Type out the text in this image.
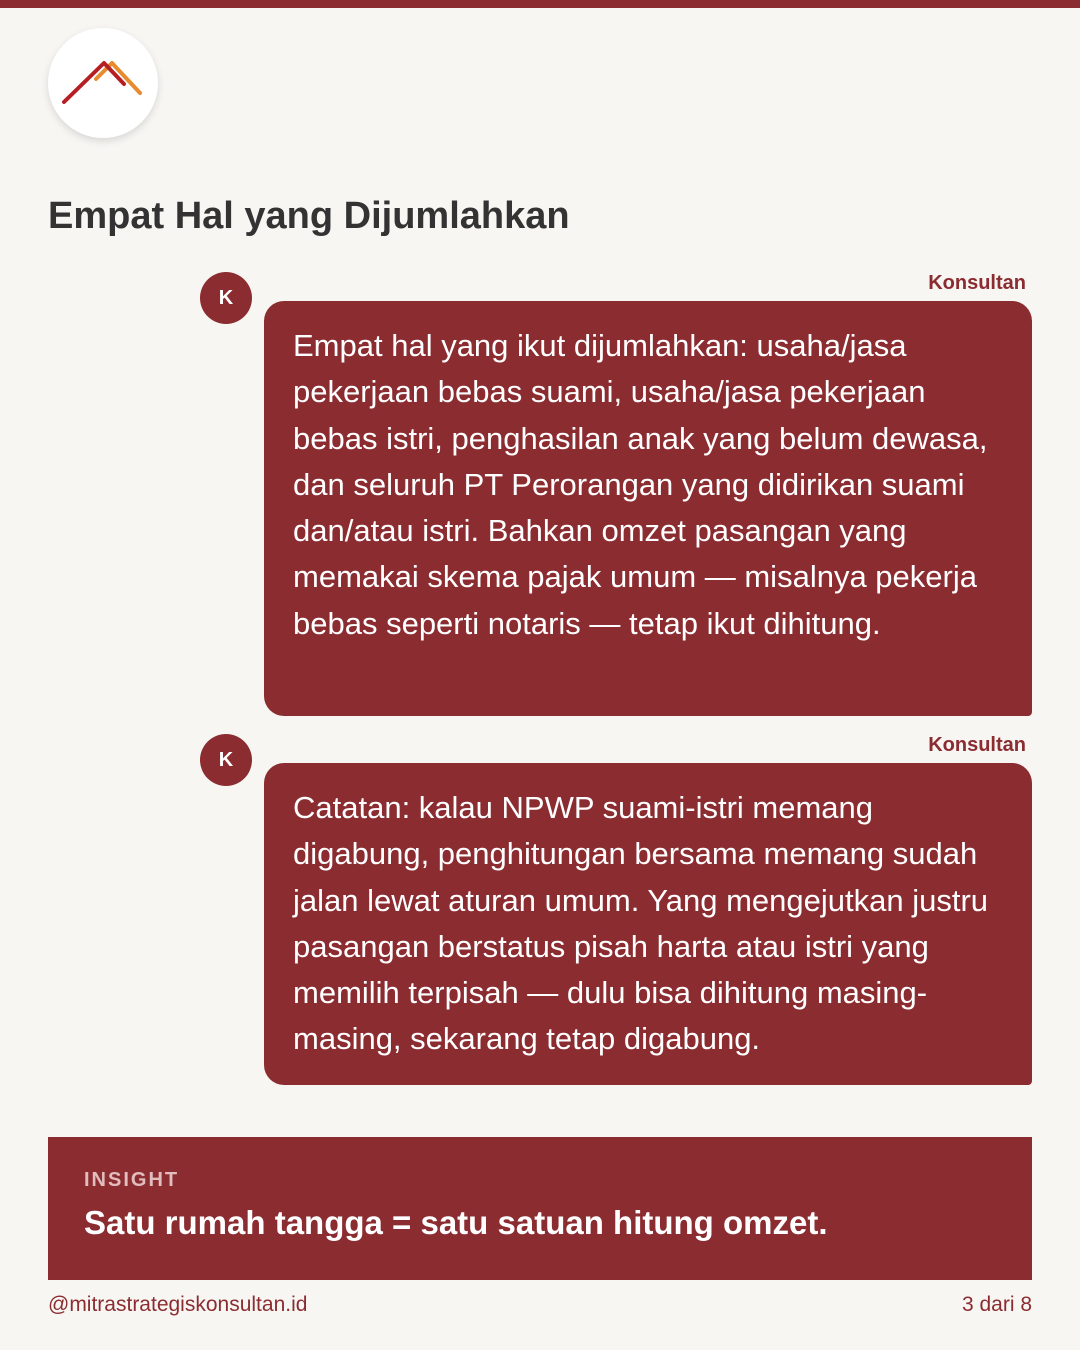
Empat Hal yang Dijumlahkan
K
Konsultan

Empat hal yang ikut dijumlahkan: usaha/jasa pekerjaan bebas suami, usaha/jasa pekerjaan bebas istri, penghasilan anak yang belum dewasa, dan seluruh PT Perorangan yang didirikan suami dan/atau istri. Bahkan omzet pasangan yang memakai skema pajak umum — misalnya pekerja bebas seperti notaris — tetap ikut dihitung.

K
Konsultan

Catatan: kalau NPWP suami-istri memang digabung, penghitungan bersama memang sudah jalan lewat aturan umum. Yang mengejutkan justru pasangan berstatus pisah harta atau istri yang memilih terpisah — dulu bisa dihitung masing-masing, sekarang tetap digabung.

INSIGHT
Satu rumah tangga = satu satuan hitung omzet.
@mitrastrategiskonsultan.id	3 dari 8
